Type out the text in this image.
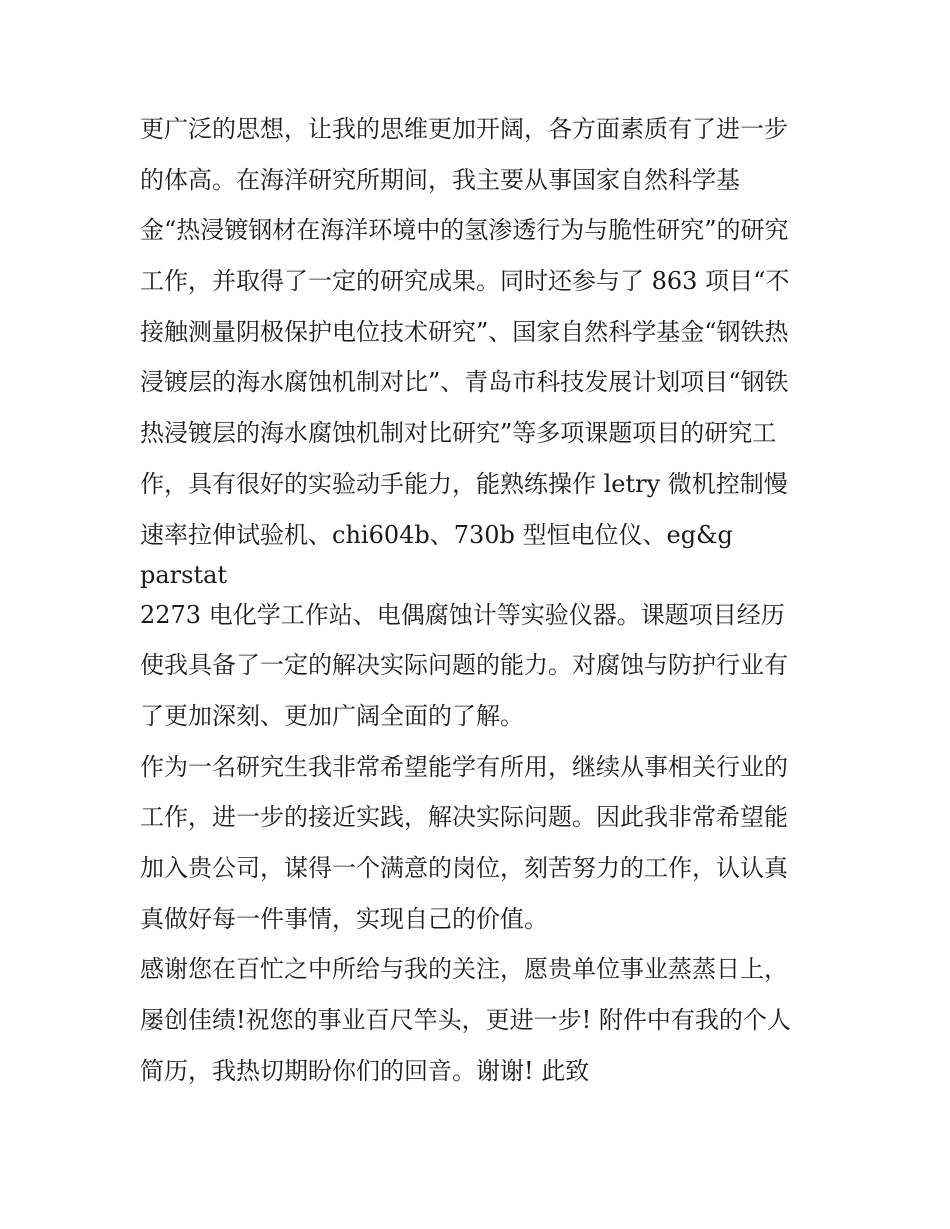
更广泛的思想，让我的思维更加开阔，各方面素质有了进一步
的体高。在海洋研究所期间，我主要从事国家自然科学基
金“热浸镀钢材在海洋环境中的氢渗透行为与脆性研究”的研究
工作，并取得了一定的研究成果。同时还参与了 863 项目“不
接触测量阴极保护电位技术研究”、国家自然科学基金“钢铁热
浸镀层的海水腐蚀机制对比”、青岛市科技发展计划项目“钢铁
热浸镀层的海水腐蚀机制对比研究”等多项课题项目的研究工
作，具有很好的实验动手能力，能熟练操作 letry 微机控制慢
速率拉伸试验机、chi604b、730b 型恒电位仪、eg&g
parstat
2273 电化学工作站、电偶腐蚀计等实验仪器。课题项目经历
使我具备了一定的解决实际问题的能力。对腐蚀与防护行业有
了更加深刻、更加广阔全面的了解。
作为一名研究生我非常希望能学有所用，继续从事相关行业的
工作，进一步的接近实践，解决实际问题。因此我非常希望能
加入贵公司，谋得一个满意的岗位，刻苦努力的工作，认认真
真做好每一件事情，实现自己的价值。
感谢您在百忙之中所给与我的关注，愿贵单位事业蒸蒸日上，
屡创佳绩!祝您的事业百尺竿头，更进一步! 附件中有我的个人
简历，我热切期盼你们的回音。谢谢! 此致
